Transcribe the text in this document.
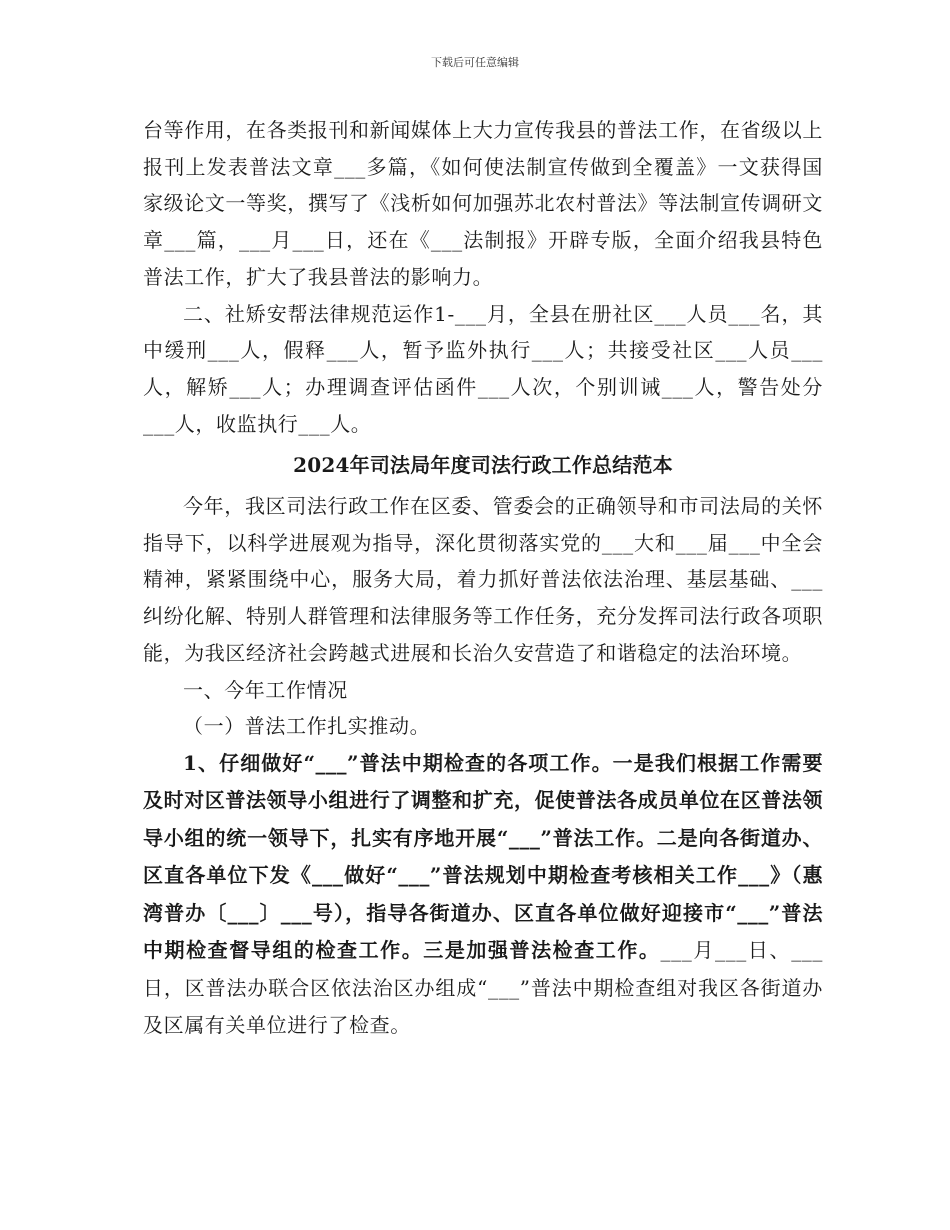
下载后可任意编辑

台等作用，在各类报刊和新闻媒体上大力宣传我县的普法工作，在省级以上报刊上发表普法文章___多篇，《如何使法制宣传做到全覆盖》一文获得国家级论文一等奖，撰写了《浅析如何加强苏北农村普法》等法制宣传调研文章___篇，___月___日，还在《___法制报》开辟专版，全面介绍我县特色普法工作，扩大了我县普法的影响力。

二、社矫安帮法律规范运作1-___月，全县在册社区___人员___名，其中缓刑___人，假释___人，暂予监外执行___人；共接受社区___人员___人，解矫___人；办理调查评估函件___人次，个别训诫___人，警告处分___人，收监执行___人。

2024年司法局年度司法行政工作总结范本

今年，我区司法行政工作在区委、管委会的正确领导和市司法局的关怀指导下，以科学进展观为指导，深化贯彻落实党的___大和___届___中全会精神，紧紧围绕中心，服务大局，着力抓好普法依法治理、基层基础、___纠纷化解、特别人群管理和法律服务等工作任务，充分发挥司法行政各项职能，为我区经济社会跨越式进展和长治久安营造了和谐稳定的法治环境。

一、今年工作情况

（一）普法工作扎实推动。

1、仔细做好“___”普法中期检查的各项工作。一是我们根据工作需要及时对区普法领导小组进行了调整和扩充，促使普法各成员单位在区普法领导小组的统一领导下，扎实有序地开展“___”普法工作。二是向各街道办、区直各单位下发《___做好“___”普法规划中期检查考核相关工作___》（惠湾普办〔___〕___号），指导各街道办、区直各单位做好迎接市“___”普法中期检查督导组的检查工作。三是加强普法检查工作。___月___日、___日，区普法办联合区依法治区办组成“___”普法中期检查组对我区各街道办及区属有关单位进行了检查。
